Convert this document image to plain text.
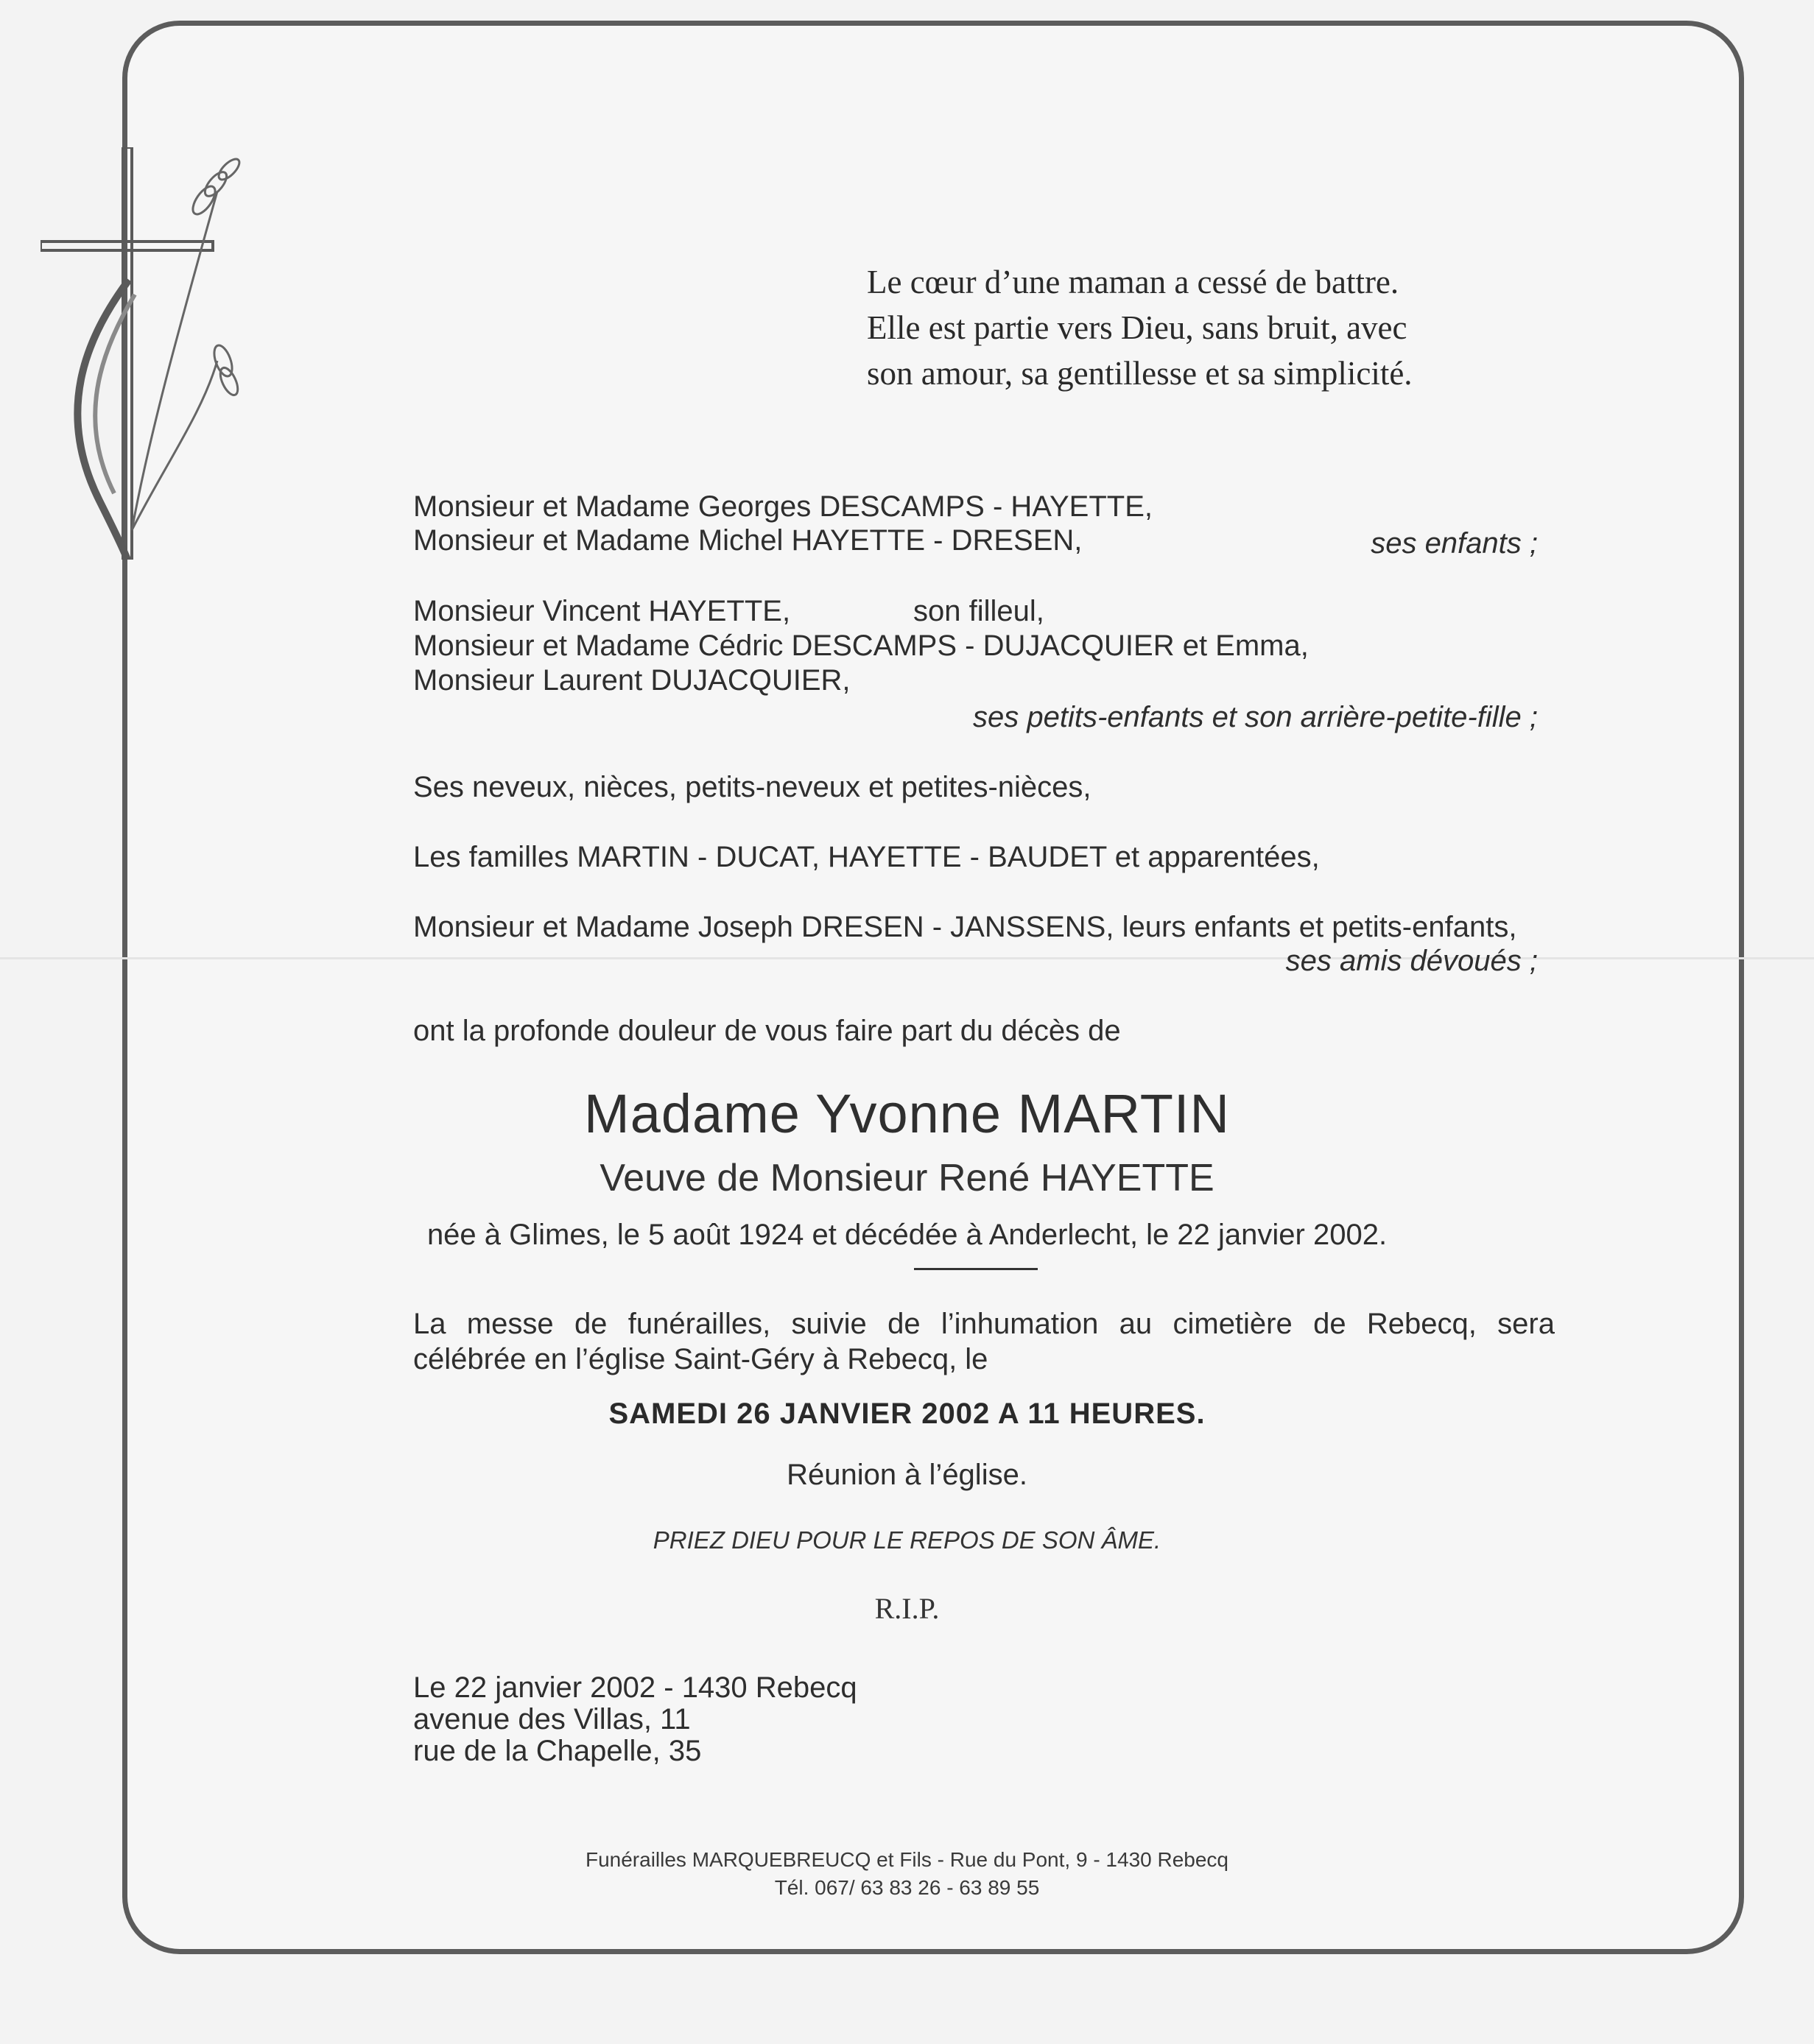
Le cœur d’une maman a cessé de battre.
Elle est partie vers Dieu, sans bruit, avec
son amour, sa gentillesse et sa simplicité.
Monsieur et Madame Georges DESCAMPS - HAYETTE,
Monsieur et Madame Michel HAYETTE - DRESEN,	ses enfants ;
Monsieur Vincent HAYETTE,	son filleul,
Monsieur et Madame Cédric DESCAMPS - DUJACQUIER et Emma,
Monsieur Laurent DUJACQUIER,
ses petits-enfants et son arrière-petite-fille ;
Ses neveux, nièces, petits-neveux et petites-nièces,
Les familles MARTIN - DUCAT, HAYETTE - BAUDET et apparentées,
Monsieur et Madame Joseph DRESEN - JANSSENS, leurs enfants et petits-enfants,
ses amis dévoués ;
ont la profonde douleur de vous faire part du décès de
Madame Yvonne MARTIN
Veuve de Monsieur René HAYETTE
née à Glimes, le 5 août 1924 et décédée à Anderlecht, le 22 janvier 2002.
La messe de funérailles, suivie de l’inhumation au cimetière de Rebecq, sera
célébrée en l’église Saint-Géry à Rebecq, le
SAMEDI 26 JANVIER 2002 A 11 HEURES.
Réunion à l’église.
PRIEZ DIEU POUR LE REPOS DE SON ÂME.
R.I.P.
Le 22 janvier 2002 - 1430 Rebecq
avenue des Villas, 11
rue de la Chapelle, 35
Funérailles MARQUEBREUCQ et Fils - Rue du Pont, 9 - 1430 Rebecq
Tél. 067/ 63 83 26 - 63 89 55
